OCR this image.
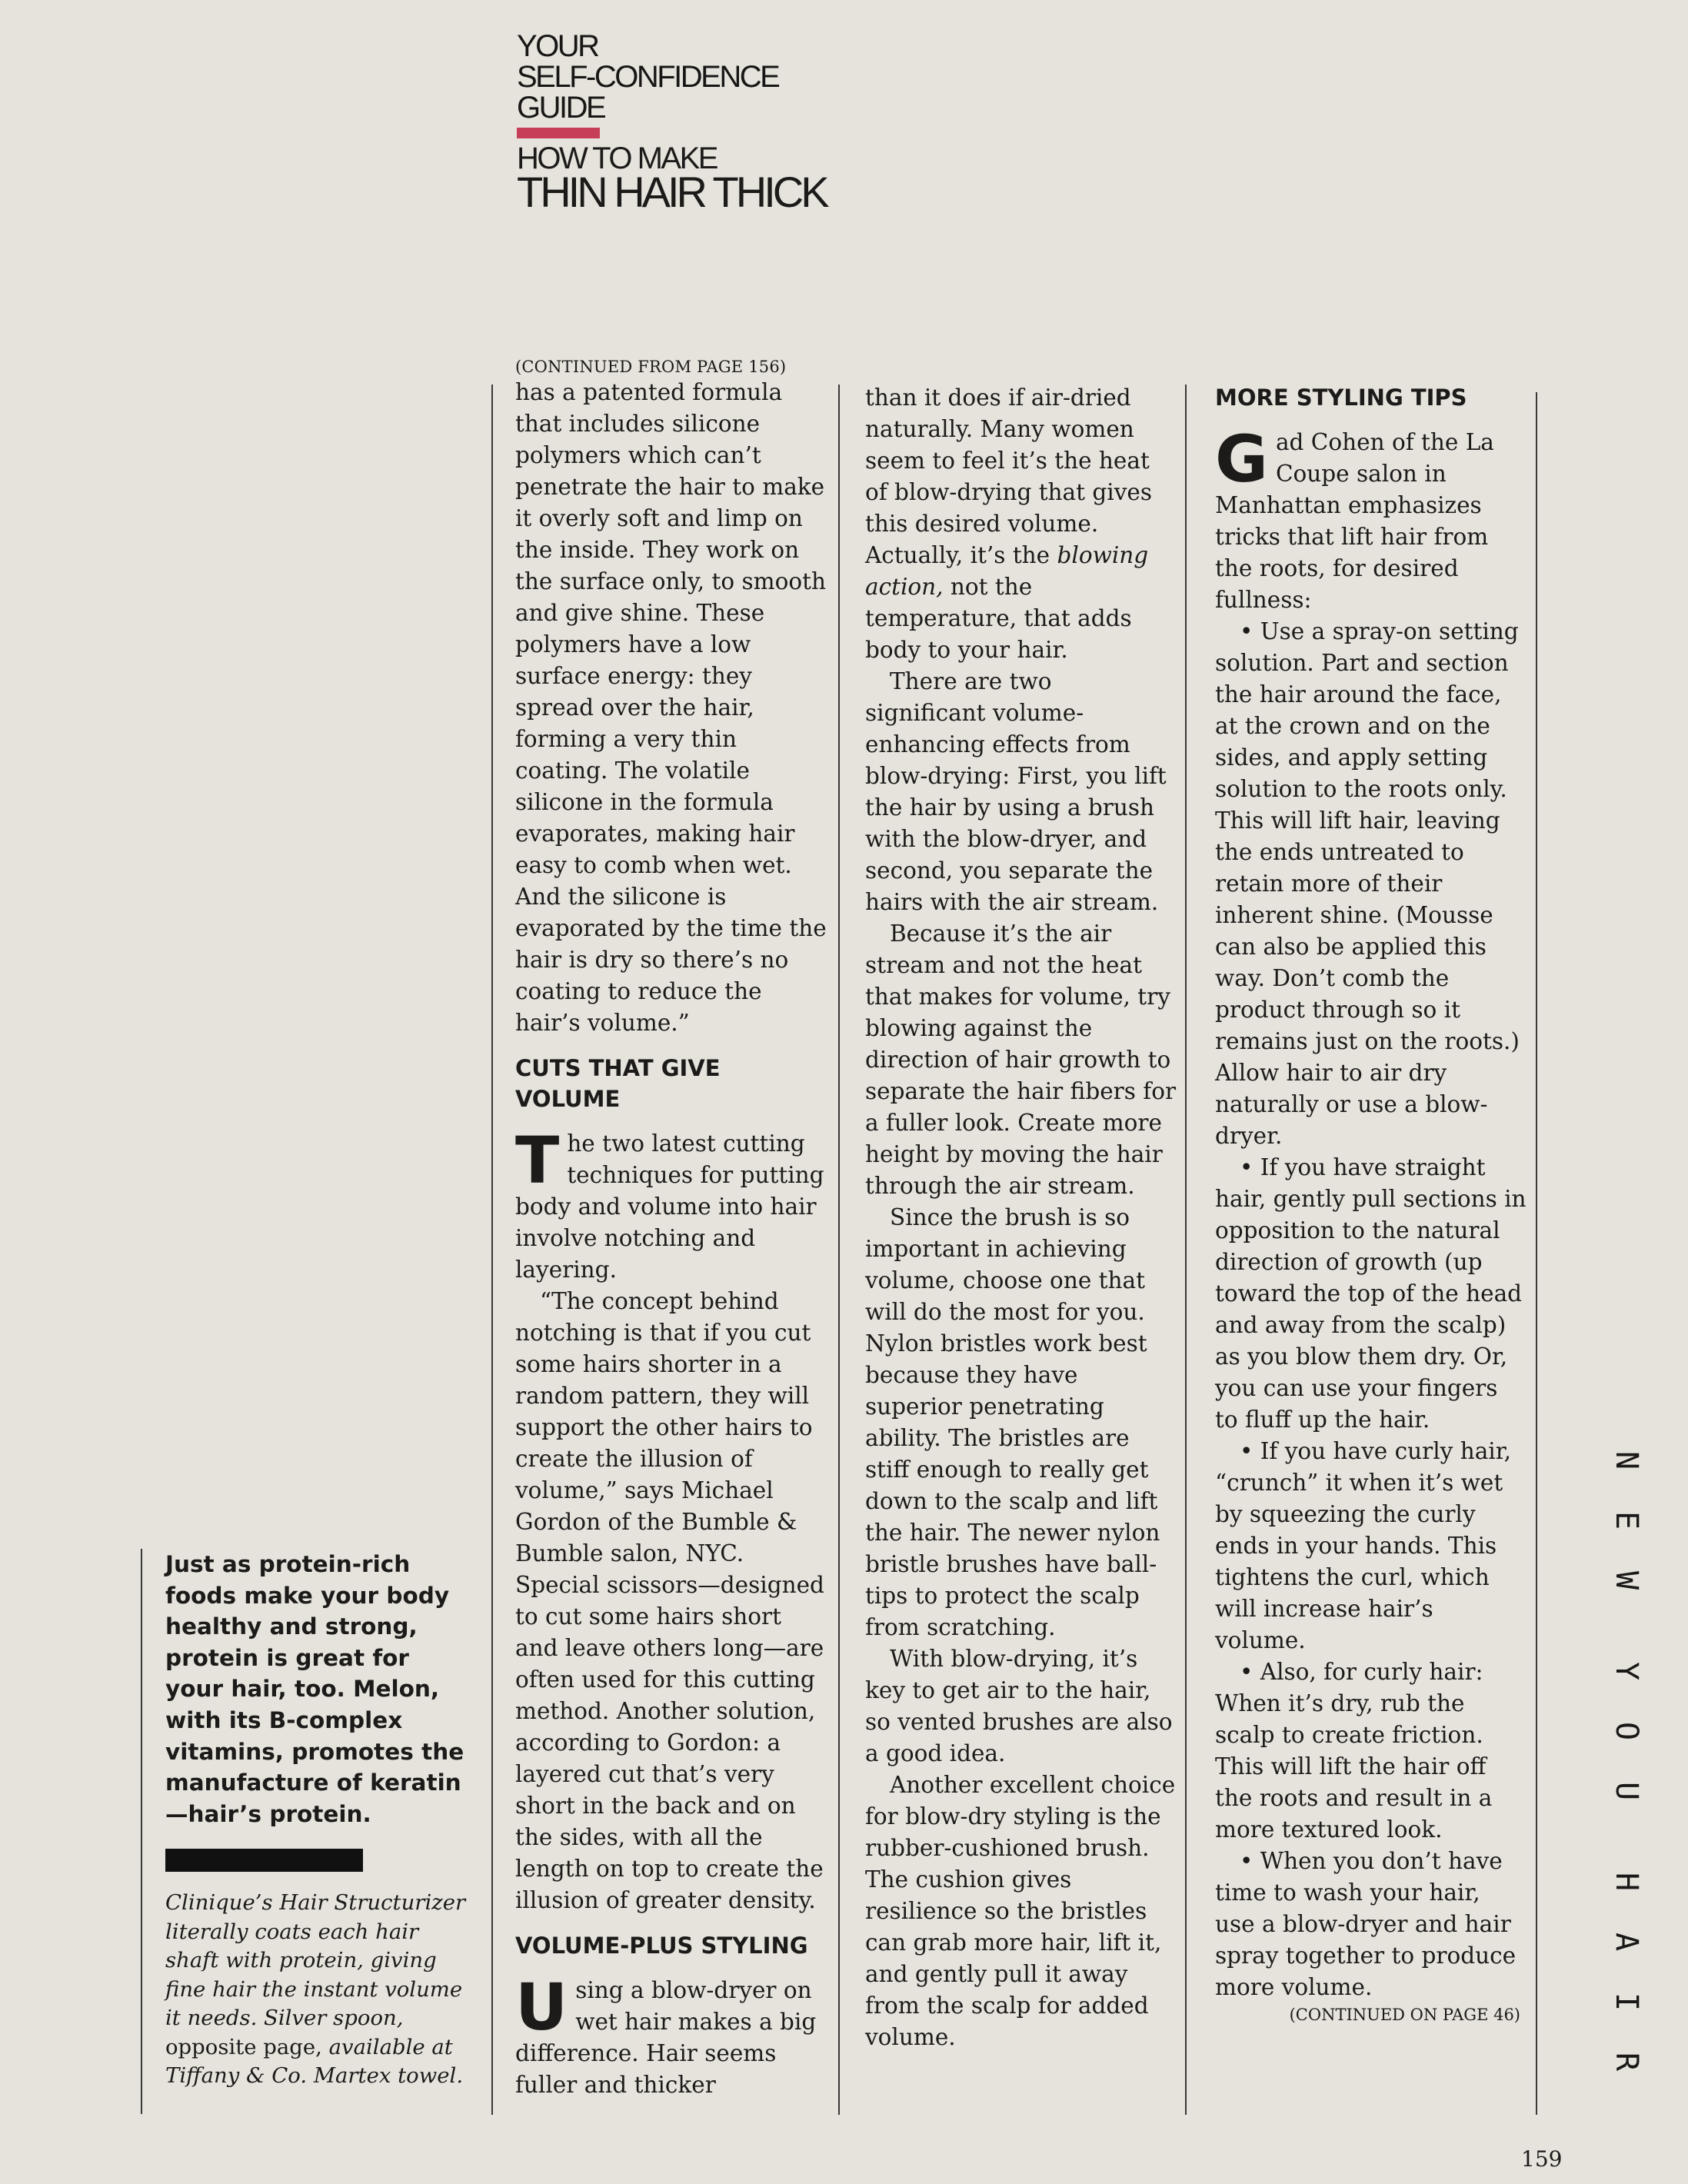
YOUR
SELF-CONFIDENCE
GUIDE
HOW TO MAKE
THIN HAIR THICK
Just as protein-rich foods make your body healthy and strong, protein is great for your hair, too. Melon, with its B-complex vitamins, promotes the manufacture of keratin—hair’s protein.
Clinique’s Hair Structurizer literally coats each hair shaft with protein, giving fine hair the instant volume it needs. Silver spoon, opposite page, available at Tiffany & Co. Martex towel.
(CONTINUED FROM PAGE 156)

has a patented formula that includes silicone polymers which can’t penetrate the hair to make it overly soft and limp on the inside. They work on the surface only, to smooth and give shine. These polymers have a low surface energy: they spread over the hair, forming a very thin coating. The volatile silicone in the formula evaporates, making hair easy to comb when wet. And the silicone is evaporated by the time the hair is dry so there’s no coating to reduce the hair’s volume.”

CUTS THAT GIVE VOLUME

The two latest cutting techniques for putting body and volume into hair involve notching and layering.

“The concept behind notching is that if you cut some hairs shorter in a random pattern, they will support the other hairs to create the illusion of volume,” says Michael Gordon of the Bumble & Bumble salon, NYC. Special scissors—designed to cut some hairs short and leave others long—are often used for this cutting method. Another solution, according to Gordon: a layered cut that’s very short in the back and on the sides, with all the length on top to create the illusion of greater density.

VOLUME-PLUS STYLING

Using a blow-dryer on wet hair makes a big difference. Hair seems fuller and thicker

than it does if air-dried naturally. Many women seem to feel it’s the heat of blow-drying that gives this desired volume. Actually, it’s the blowing action, not the temperature, that adds body to your hair.

There are two significant volume-enhancing effects from blow-drying: First, you lift the hair by using a brush with the blow-dryer, and second, you separate the hairs with the air stream.

Because it’s the air stream and not the heat that makes for volume, try blowing against the direction of hair growth to separate the hair fibers for a fuller look. Create more height by moving the hair through the air stream.

Since the brush is so important in achieving volume, choose one that will do the most for you. Nylon bristles work best because they have superior penetrating ability. The bristles are stiff enough to really get down to the scalp and lift the hair. The newer nylon bristle brushes have ball-tips to protect the scalp from scratching.

With blow-drying, it’s key to get air to the hair, so vented brushes are also a good idea.

Another excellent choice for blow-dry styling is the rubber-cushioned brush. The cushion gives resilience so the bristles can grab more hair, lift it, and gently pull it away from the scalp for added volume.

MORE STYLING TIPS

Gad Cohen of the La Coupe salon in Manhattan emphasizes tricks that lift hair from the roots, for desired fullness:

• Use a spray-on setting solution. Part and section the hair around the face, at the crown and on the sides, and apply setting solution to the roots only. This will lift hair, leaving the ends untreated to retain more of their inherent shine. (Mousse can also be applied this way. Don’t comb the product through so it remains just on the roots.) Allow hair to air dry naturally or use a blow-dryer.

• If you have straight hair, gently pull sections in opposition to the natural direction of growth (up toward the top of the head and away from the scalp) as you blow them dry. Or, you can use your fingers to fluff up the hair.

• If you have curly hair, “crunch” it when it’s wet by squeezing the curly ends in your hands. This tightens the curl, which will increase hair’s volume.

• Also, for curly hair: When it’s dry, rub the scalp to create friction. This will lift the hair off the roots and result in a more textured look.

• When you don’t have time to wash your hair, use a blow-dryer and hair spray together to produce more volume.

(CONTINUED ON PAGE 46)
N
E
W
Y
O
U
H
A
I
R
159
